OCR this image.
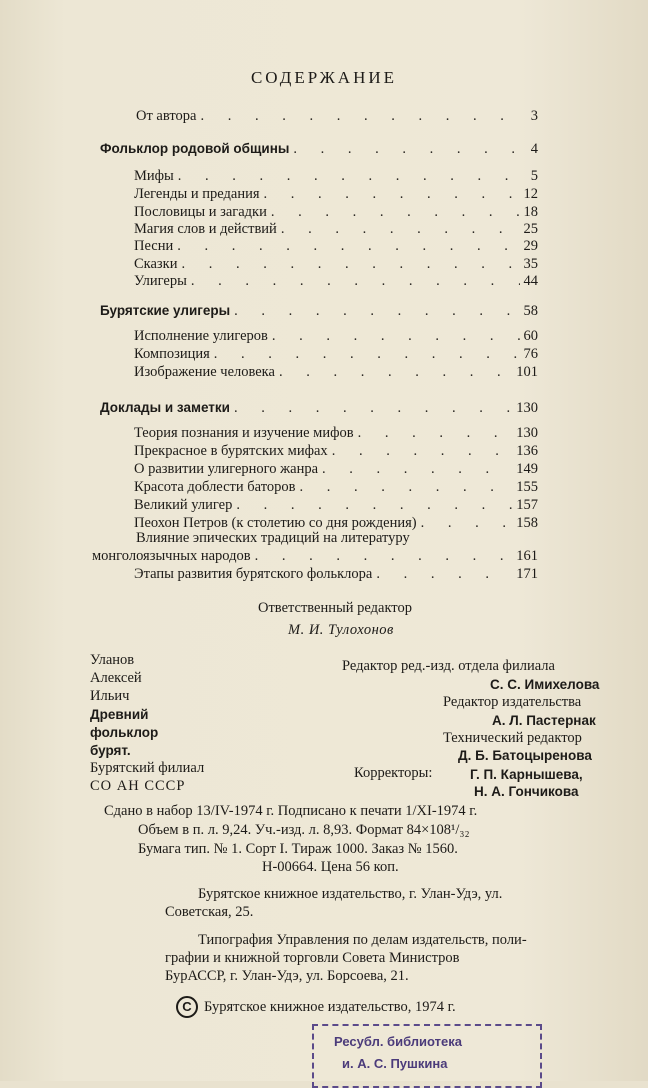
СОДЕРЖАНИЕ
От автора . . .	3
Фольклор родовой общины . . .	4
Мифы . . .	5
Легенды и предания . . .	12
Пословицы и загадки . . .	18
Магия слов и действий . . .	25
Песни . . .	29
Сказки . . .	35
Улигеры . . .	44
Бурятские улигеры . . .	58
Исполнение улигеров . . .	60
Композиция . . .	76
Изображение человека . . .	101
Доклады и заметки . . .	130
Теория познания и изучение мифов . . .	130
Прекрасное в бурятских мифах . . .	136
О развитии улигерного жанра . . .	149
Красота доблести баторов . . .	155
Великий улигер . . .	157
Пеохон Петров (к столетию со дня рождения) . . .	158
Влияние эпических традиций на литературу
монголоязычных народов . . .	161
Этапы развития бурятского фольклора . . .	171
Ответственный редактор
М. И. Тулохонов
Уланов
Алексей
Ильич
Древний
фольклор
бурят.
Бурятский филиал
СО АН СССР
Редактор ред.-изд. отдела филиала
С. С. Имихелова
Редактор издательства
А. Л. Пастернак
Технический редактор
Д. Б. Батоцыренова
Корректоры:	Г. П. Карнышева,
Н. А. Гончикова
Сдано в набор 13/IV-1974 г. Подписано к печати 1/XI-1974 г.
Объем в п. л. 9,24. Уч.-изд. л. 8,93. Формат 84×108¹/₃₂
Бумага тип. № 1. Сорт I. Тираж 1000. Заказ № 1560.
Н-00664. Цена 56 коп.
Бурятское книжное издательство, г. Улан-Удэ, ул.
Советская, 25.
Типография Управления по делам издательств, поли-
графии и книжной торговли Совета Министров
БурАССР, г. Улан-Удэ, ул. Борсоева, 21.
C Бурятское книжное издательство, 1974 г.
Ресубл. библиотека
и. А. С. Пушкина
